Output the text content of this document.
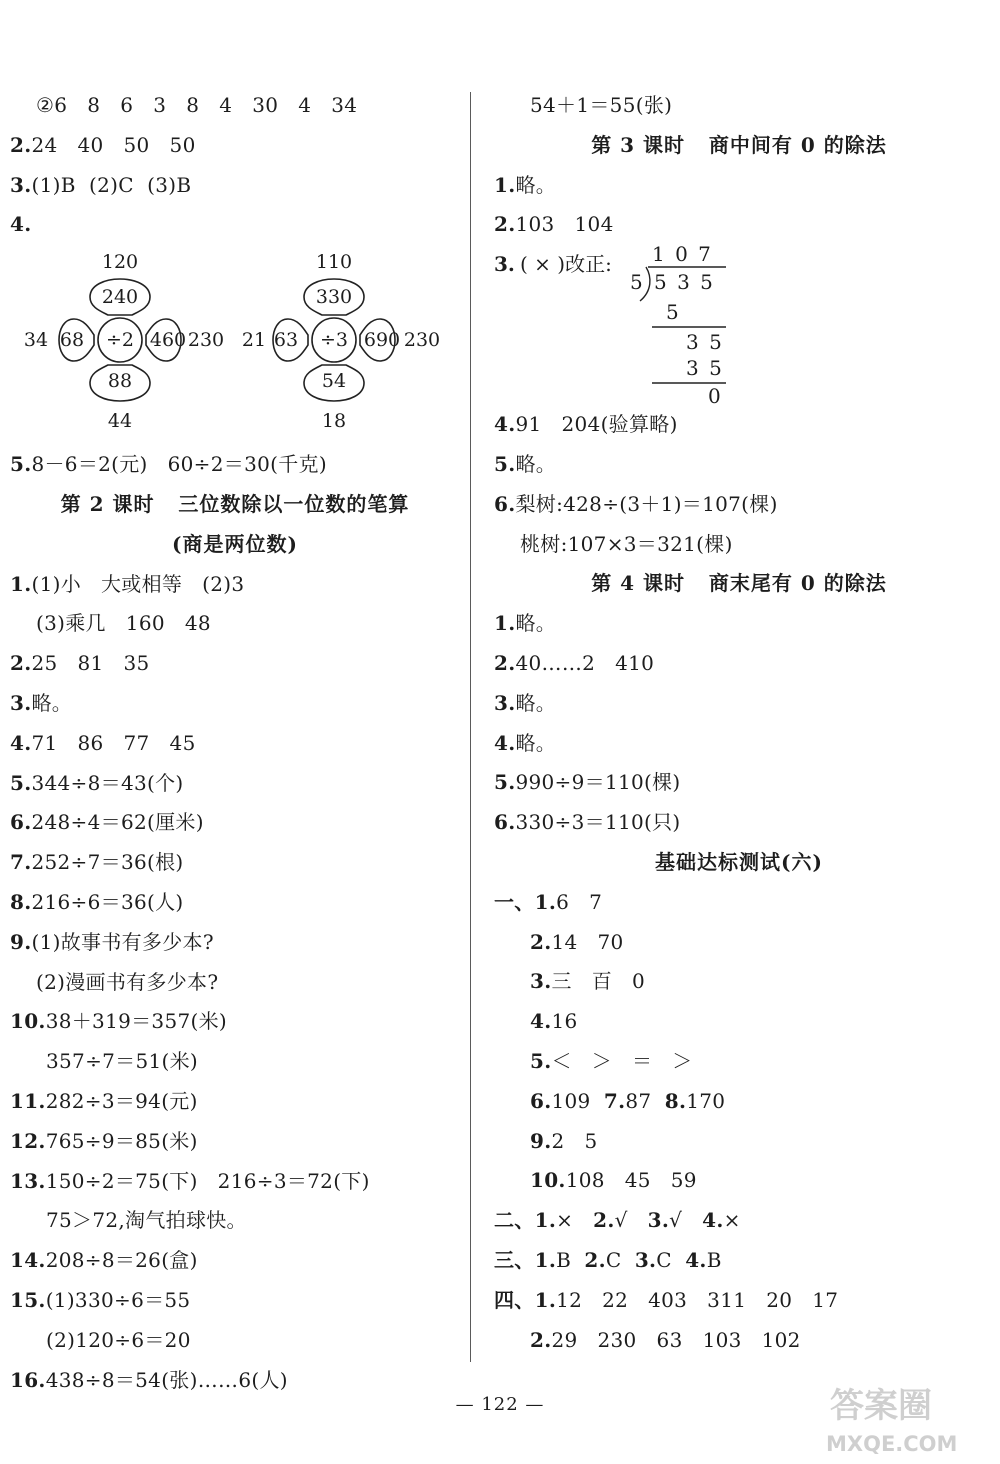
②6   8   6   3   8   4   30   4   34
2.24   40   50   50
3.(1)B  (2)C  (3)B
4.
120
240
34 68 ÷2 460 230
88
44
110
330
21 63 ÷3 690 230
54
18
5.8－6＝2(元)   60÷2＝30(千克)
第 2 课时   三位数除以一位数的笔算
(商是两位数)
1.(1)小   大或相等   (2)3
(3)乘几   160   48
2.25   81   35
3.略。
4.71   86   77   45
5.344÷8＝43(个)
6.248÷4＝62(厘米)
7.252÷7＝36(根)
8.216÷6＝36(人)
9.(1)故事书有多少本?
(2)漫画书有多少本?
10.38＋319＝357(米)
357÷7＝51(米)
11.282÷3＝94(元)
12.765÷9＝85(米)
13.150÷2＝75(下)   216÷3＝72(下)
75＞72,淘气拍球快。
14.208÷8＝26(盒)
15.(1)330÷6＝55
(2)120÷6＝20
16.438÷8＝54(张)……6(人)
54＋1＝55(张)
第 3 课时   商中间有 0 的除法
1.略。
2.103   104
3. ( × )改正: 1 0 7
5 5 3 5
5
3 5
3 5
0
4.91   204(验算略)
5.略。
6.梨树:428÷(3＋1)＝107(棵)
桃树:107×3＝321(棵)
第 4 课时   商末尾有 0 的除法
1.略。
2.40……2   410
3.略。
4.略。
5.990÷9＝110(棵)
6.330÷3＝110(只)
基础达标测试(六)
一、1.6   7
2.14   70
3.三   百   0
4.16
5.＜   ＞   ＝   ＞
6.109  7.87  8.170
9.2   5
10.108   45   59
二、1.×   2.√   3.√   4.×
三、1.B  2.C  3.C  4.B
四、1.12   22   403   311   20   17
2.29   230   63   103   102
— 122 —	答案圈
MXQE.COM
